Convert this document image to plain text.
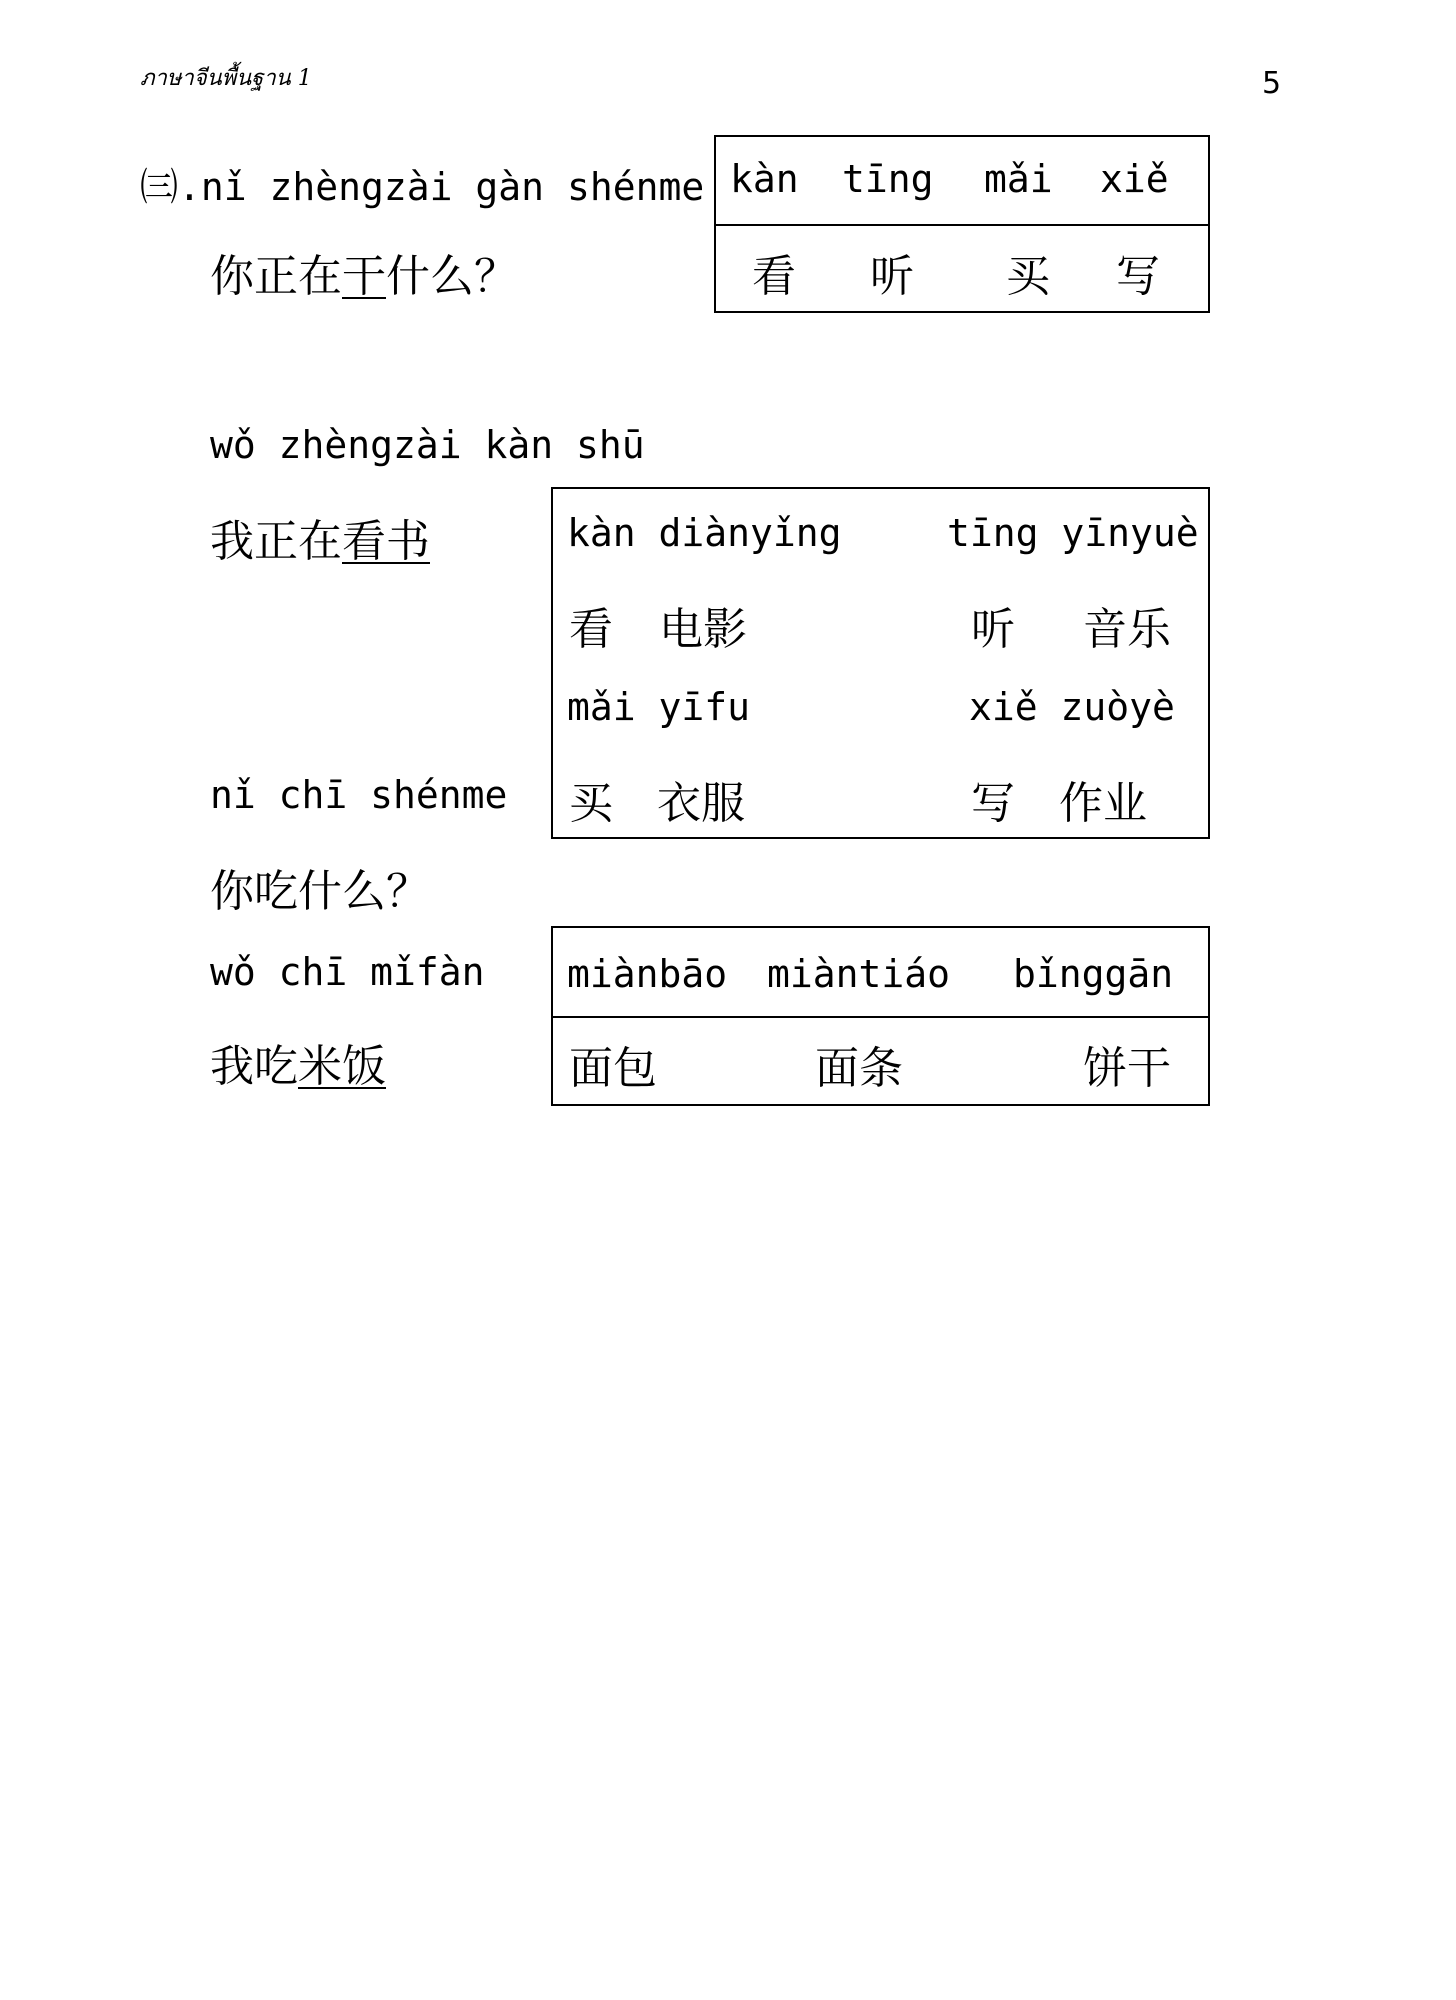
ภาษาจีนพื้นฐาน 1	5
㈢.nǐ zhèngzài gàn shénme
你正在干什么？
kàn tīng mǎi xiě
看 听 买 写
wǒ zhèngzài kàn shū
我正在看书	kàn diànyǐng	tīng yīnyuè
看 电影	听 音乐
mǎi yīfu	xiě zuòyè
买 衣服	写 作业
nǐ chī shénme
你吃什么？
wǒ chī mǐfàn
我吃米饭
miànbāo miàntiáo bǐnggān
面包	面条	饼干
